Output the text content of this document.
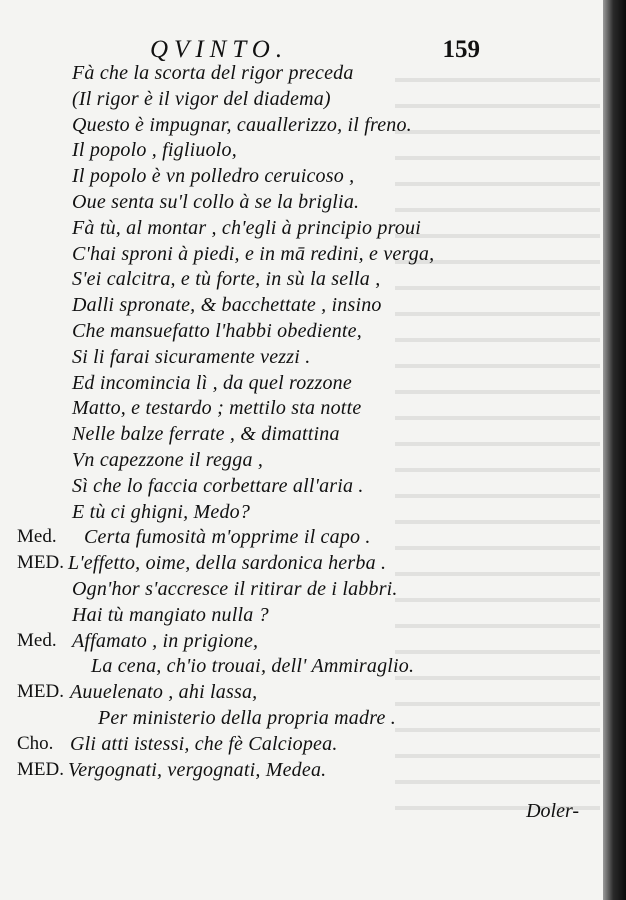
QVINTO.	159
Fà che la scorta del rigor preceda
(Il rigor è il vigor del diadema)
Questo è impugnar, cauallerizzo, il freno.
Il popolo , figliuolo,
Il popolo è vn polledro ceruicoso ,
Oue senta su'l collo à se la briglia.
Fà tù, al montar , ch'egli à principio proui
C'hai sproni à piedi, e in mā redini, e verga,
S'ei calcitra, e tù forte, in sù la sella ,
Dalli spronate, & bacchettate , insino
Che mansuefatto l'habbi obediente,
Si li farai sicuramente vezzi .
Ed incomincia lì , da quel rozzone
Matto, e testardo ; mettilo sta notte
Nelle balze ferrate , & dimattina
Vn capezzone il regga ,
Sì che lo faccia corbettare all'aria .
E tù ci ghigni, Medo?
Med. Certa fumosità m'opprime il capo .
MED. L'effetto, oime, della sardonica herba .
Ogn'hor s'accresce il ritirar de i labbri.
Hai tù mangiato nulla ?
Med. Affamato , in prigione,
La cena, ch'io trouai, dell' Ammiraglio.
MED. Auuelenato , ahi lassa,
Per ministerio della propria madre .
Cho. Gli atti istessi, che fè Calciopea.
MED. Vergognati, vergognati, Medea.
Doler-
